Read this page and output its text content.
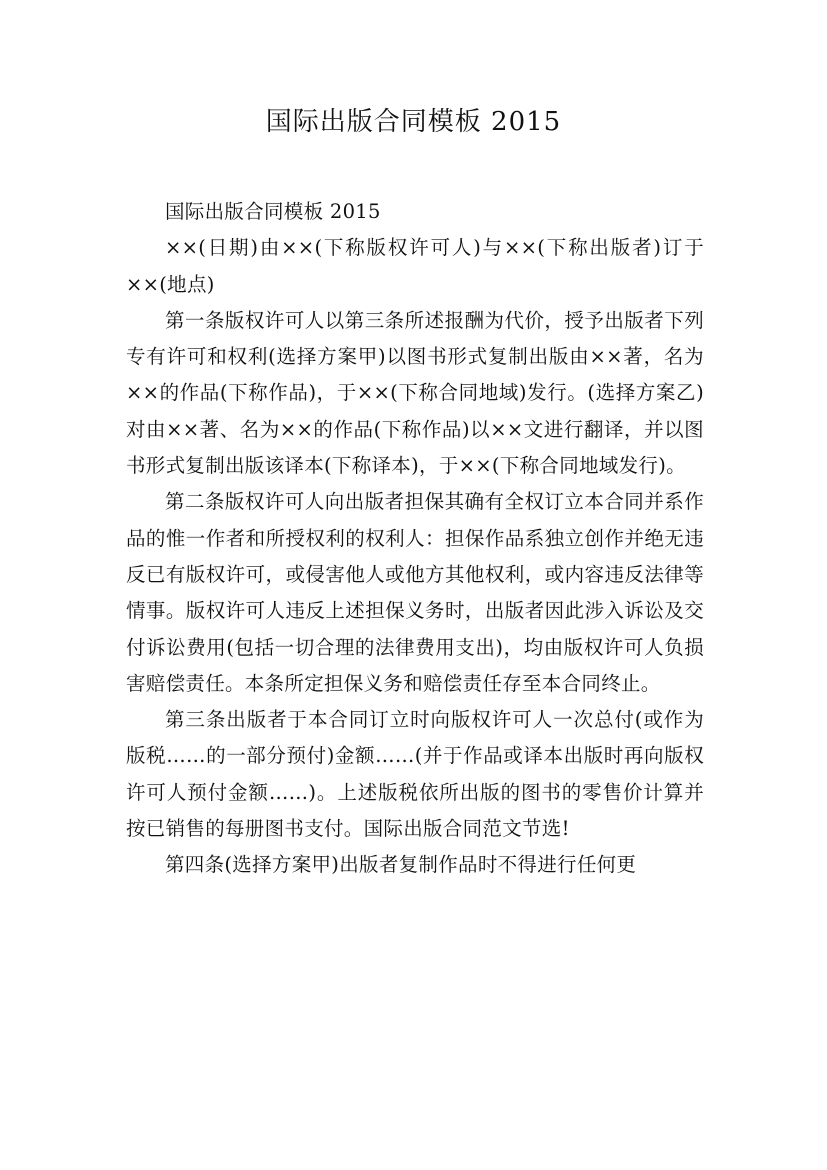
国际出版合同模板 2015

国际出版合同模板 2015

××(日期)由××(下称版权许可人)与××(下称出版者)订于××(地点)

第一条版权许可人以第三条所述报酬为代价，授予出版者下列专有许可和权利(选择方案甲)以图书形式复制出版由××著，名为××的作品(下称作品)，于××(下称合同地域)发行。(选择方案乙)对由××著、名为××的作品(下称作品)以××文进行翻译，并以图书形式复制出版该译本(下称译本)，于××(下称合同地域发行)。

第二条版权许可人向出版者担保其确有全权订立本合同并系作品的惟一作者和所授权利的权利人：担保作品系独立创作并绝无违反已有版权许可，或侵害他人或他方其他权利，或内容违反法律等情事。版权许可人违反上述担保义务时，出版者因此涉入诉讼及交付诉讼费用(包括一切合理的法律费用支出)，均由版权许可人负损害赔偿责任。本条所定担保义务和赔偿责任存至本合同终止。

第三条出版者于本合同订立时向版权许可人一次总付(或作为版税……的一部分预付)金额……(并于作品或译本出版时再向版权许可人预付金额……)。上述版税依所出版的图书的零售价计算并按已销售的每册图书支付。国际出版合同范文节选!

第四条(选择方案甲)出版者复制作品时不得进行任何更
